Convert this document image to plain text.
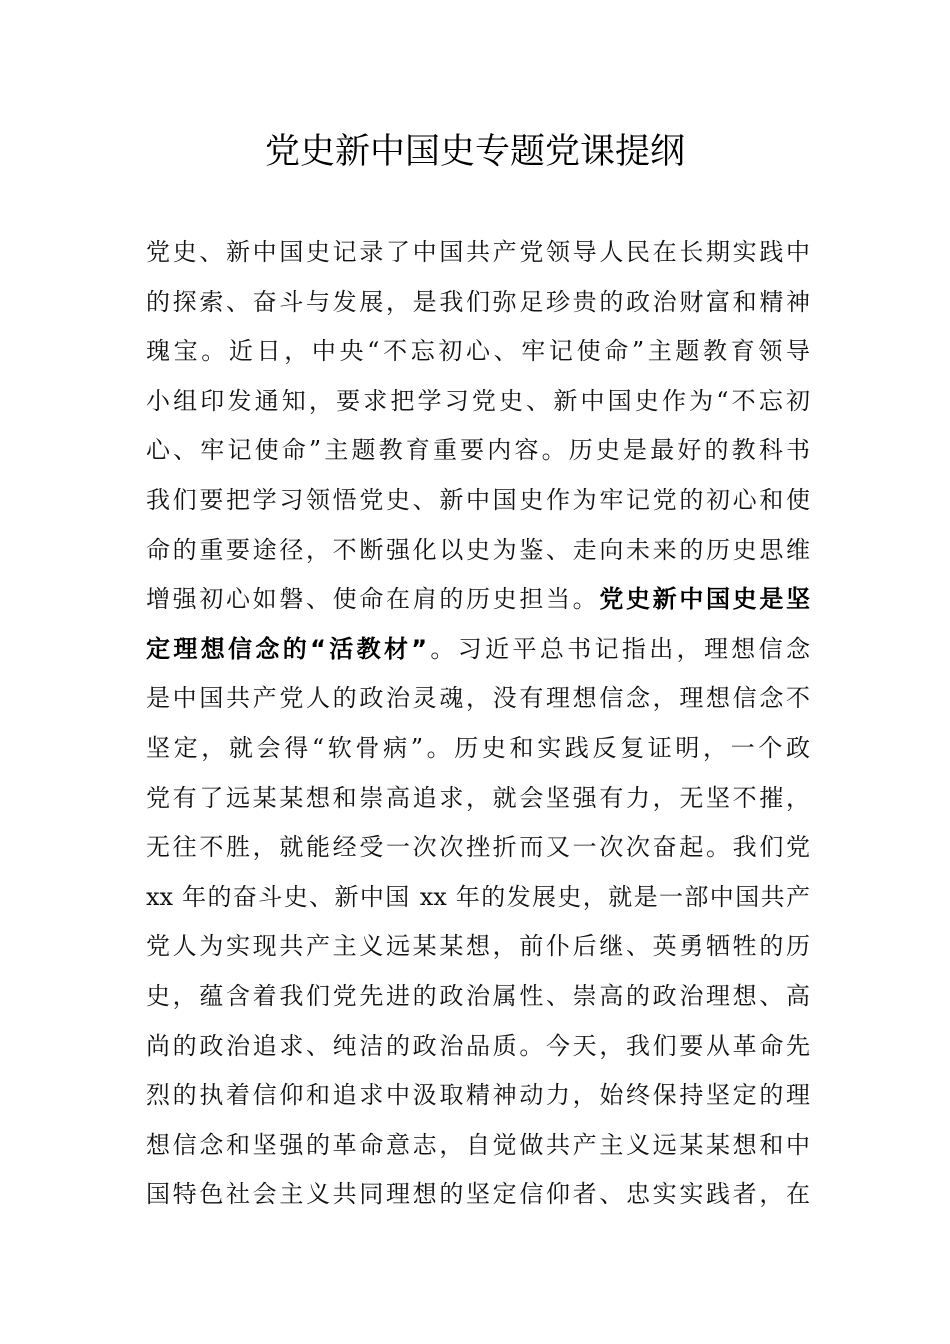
党史新中国史专题党课提纲
党史、新中国史记录了中国共产党领导人民在长期实践中
的探索、奋斗与发展，是我们弥足珍贵的政治财富和精神
瑰宝。近日，中央“不忘初心、牢记使命”主题教育领导
小组印发通知，要求把学习党史、新中国史作为“不忘初
心、牢记使命”主题教育重要内容。历史是最好的教科书
我们要把学习领悟党史、新中国史作为牢记党的初心和使
命的重要途径，不断强化以史为鉴、走向未来的历史思维
增强初心如磐、使命在肩的历史担当。党史新中国史是坚
定理想信念的“活教材”。习近平总书记指出，理想信念
是中国共产党人的政治灵魂，没有理想信念，理想信念不
坚定，就会得“软骨病”。历史和实践反复证明，一个政
党有了远某某想和崇高追求，就会坚强有力，无坚不摧，
无往不胜，就能经受一次次挫折而又一次次奋起。我们党
xx 年的奋斗史、新中国 xx 年的发展史，就是一部中国共产
党人为实现共产主义远某某想，前仆后继、英勇牺牲的历
史，蕴含着我们党先进的政治属性、崇高的政治理想、高
尚的政治追求、纯洁的政治品质。今天，我们要从革命先
烈的执着信仰和追求中汲取精神动力，始终保持坚定的理
想信念和坚强的革命意志，自觉做共产主义远某某想和中
国特色社会主义共同理想的坚定信仰者、忠实实践者，在
